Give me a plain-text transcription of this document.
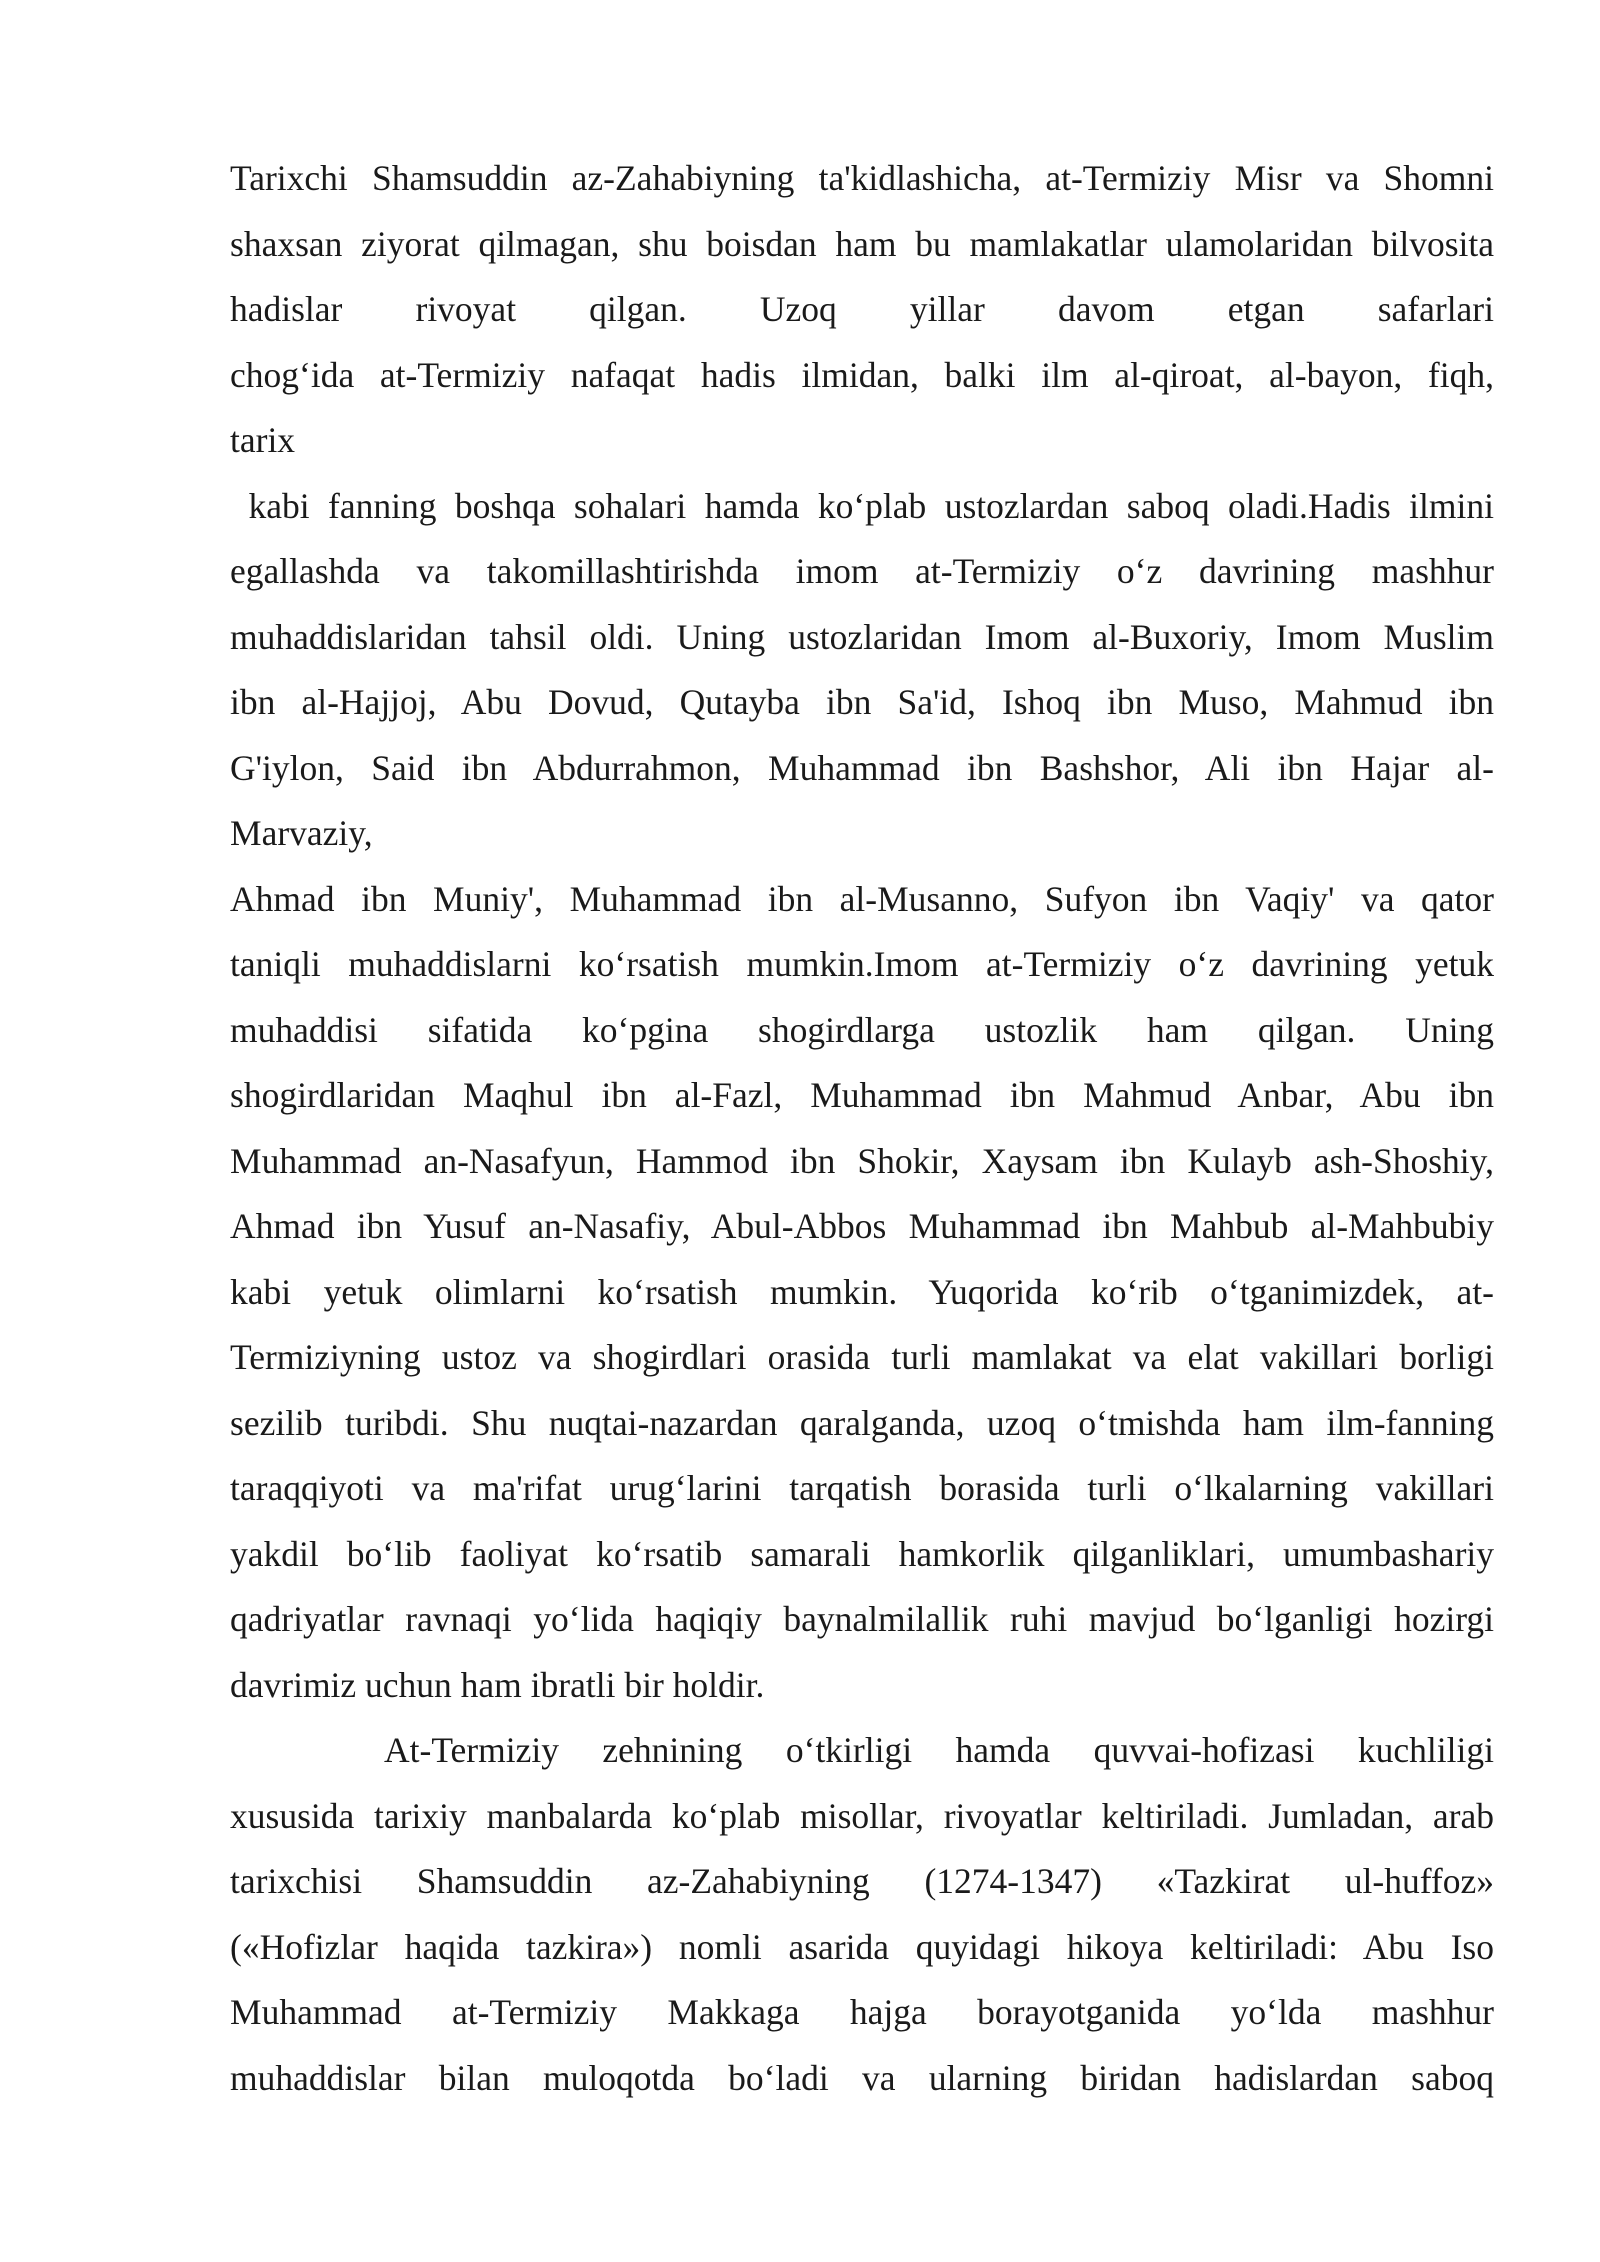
Tarixchi Shamsuddin az-Zahabiyning ta'kidlashicha, at-Termiziy Misr va Shomni
shaxsan ziyorat qilmagan, shu boisdan ham bu mamlakatlar ulamolaridan bilvosita
hadislar rivoyat qilgan. Uzoq yillar davom etgan safarlari
chog‘ida at-Termiziy nafaqat hadis ilmidan, balki ilm al-qiroat, al-bayon, fiqh,
tarix
kabi fanning boshqa sohalari hamda ko‘plab ustozlardan saboq oladi.Hadis ilmini
egallashda va takomillashtirishda imom at-Termiziy o‘z davrining mashhur
muhaddislaridan tahsil oldi. Uning ustozlaridan Imom al-Buxoriy, Imom Muslim
ibn al-Hajjoj, Abu Dovud, Qutayba ibn Sa'id, Ishoq ibn Muso, Mahmud ibn
G'iylon, Said ibn Abdurrahmon, Muhammad ibn Bashshor, Ali ibn Hajar al-
Marvaziy,
Ahmad ibn Muniy', Muhammad ibn al-Musanno, Sufyon ibn Vaqiy' va qator
taniqli muhaddislarni ko‘rsatish mumkin.Imom at-Termiziy o‘z davrining yetuk
muhaddisi sifatida ko‘pgina shogirdlarga ustozlik ham qilgan. Uning
shogirdlaridan Maqhul ibn al-Fazl, Muhammad ibn Mahmud Anbar, Abu ibn
Muhammad an-Nasafyun, Hammod ibn Shokir, Xaysam ibn Kulayb ash-Shoshiy,
Ahmad ibn Yusuf an-Nasafiy, Abul-Abbos Muhammad ibn Mahbub al-Mahbubiy
kabi yetuk olimlarni ko‘rsatish mumkin. Yuqorida ko‘rib o‘tganimizdek, at-
Termiziyning ustoz va shogirdlari orasida turli mamlakat va elat vakillari borligi
sezilib turibdi. Shu nuqtai-nazardan qaralganda, uzoq o‘tmishda ham ilm-fanning
taraqqiyoti va ma'rifat urug‘larini tarqatish borasida turli o‘lkalarning vakillari
yakdil bo‘lib faoliyat ko‘rsatib samarali hamkorlik qilganliklari, umumbashariy
qadriyatlar ravnaqi yo‘lida haqiqiy baynalmilallik ruhi mavjud bo‘lganligi hozirgi
davrimiz uchun ham ibratli bir holdir.
At-Termiziy zehnining o‘tkirligi hamda quvvai-hofizasi kuchliligi
xususida tarixiy manbalarda ko‘plab misollar, rivoyatlar keltiriladi. Jumladan, arab
tarixchisi Shamsuddin az-Zahabiyning (1274-1347) «Tazkirat ul-huffoz»
(«Hofizlar haqida tazkira») nomli asarida quyidagi hikoya keltiriladi: Abu Iso
Muhammad at-Termiziy Makkaga hajga borayotganida yo‘lda mashhur
muhaddislar bilan muloqotda bo‘ladi va ularning biridan hadislardan saboq
